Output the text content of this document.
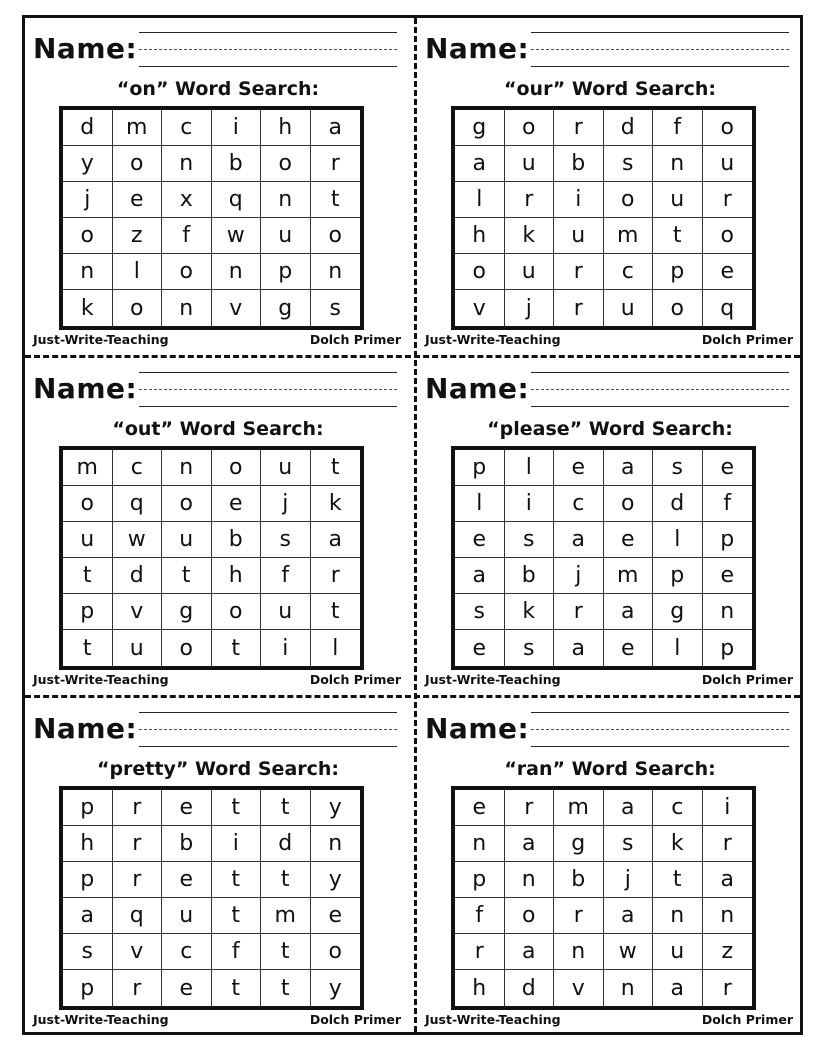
Name:
“on” Word Search:
d	m	c	i	h	a
y	o	n	b	o	r
j	e	x	q	n	t
o	z	f	w	u	o
n	l	o	n	p	n
k	o	n	v	g	s
Just-Write-Teaching	Dolch Primer
Name:
“our” Word Search:
g	o	r	d	f	o
a	u	b	s	n	u
l	r	i	o	u	r
h	k	u	m	t	o
o	u	r	c	p	e
v	j	r	u	o	q
Just-Write-Teaching	Dolch Primer
Name:
“out” Word Search:
m	c	n	o	u	t
o	q	o	e	j	k
u	w	u	b	s	a
t	d	t	h	f	r
p	v	g	o	u	t
t	u	o	t	i	l
Just-Write-Teaching	Dolch Primer
Name:
“please” Word Search:
p	l	e	a	s	e
l	i	c	o	d	f
e	s	a	e	l	p
a	b	j	m	p	e
s	k	r	a	g	n
e	s	a	e	l	p
Just-Write-Teaching	Dolch Primer
Name:
“pretty” Word Search:
p	r	e	t	t	y
h	r	b	i	d	n
p	r	e	t	t	y
a	q	u	t	m	e
s	v	c	f	t	o
p	r	e	t	t	y
Just-Write-Teaching	Dolch Primer
Name:
“ran” Word Search:
e	r	m	a	c	i
n	a	g	s	k	r
p	n	b	j	t	a
f	o	r	a	n	n
r	a	n	w	u	z
h	d	v	n	a	r
Just-Write-Teaching	Dolch Primer
